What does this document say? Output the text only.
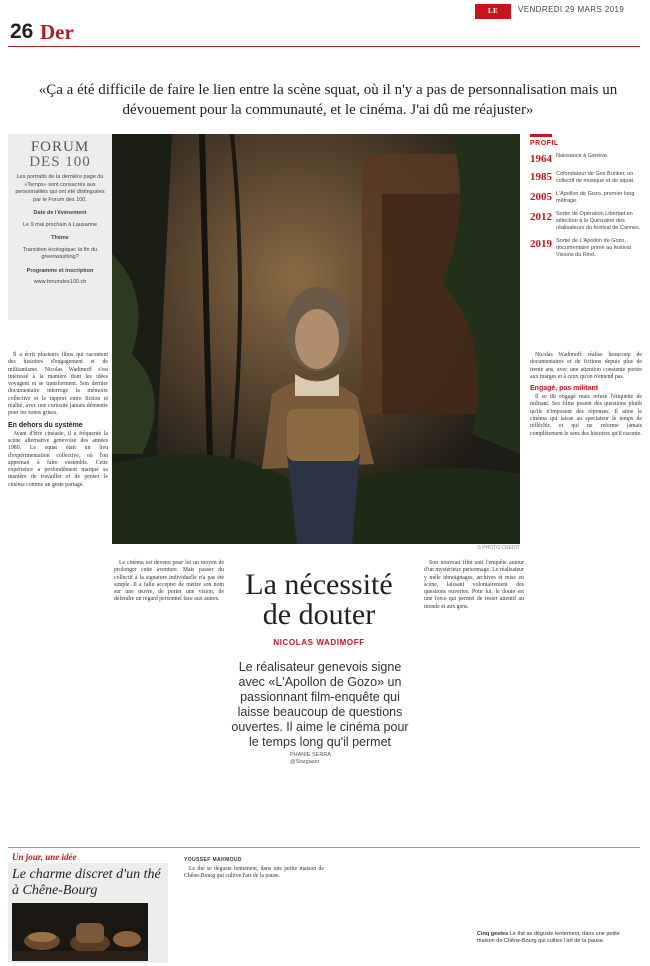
26 Der
LE TEMPS
VENDREDI 29 MARS 2019
«Ça a été difficile de faire le lien entre la scène squat, où il n'y a pas de personnalisation mais un dévouement pour la communauté, et le cinéma. J'ai dû me réajuster»
FORUM
DES 100

Les portraits de la dernière page du «Temps» sont consacrés aux personnalités qui ont été distinguées par le Forum des 100.

Date de l'événement

Le 9 mai prochain à Lausanne

Thème

Transition écologique: la fin du greenwashing?

Programme et inscription

www.forumdes100.ch

© PHOTO CREDIT
PROFIL
1964 Naissance à Genève.
1985 Cofondateur de Gos Bunker, un collectif de musique et de squat.
2005 L'Apollon de Gozo, premier long métrage.
2012 Sortie de Opération Libertad en sélection à la Quinzaine des réalisateurs du festival de Cannes.
2019 Sortie de L'Apollon de Gozo, documentaire primé au festival Visions du Réel.

Il a écrit plusieurs films qui racontent des histoires d'engagement et de militantisme. Nicolas Wadimoff s'est intéressé à la manière dont les idées voyagent et se transforment. Son dernier documentaire interroge la mémoire collective et le rapport entre fiction et réalité, avec une curiosité jamais démentie pour les zones grises.

En dehors du système

Avant d'être cinéaste, il a fréquenté la scène alternative genevoise des années 1980. Le squat était un lieu d'expérimentation collective, où l'on apprenait à faire ensemble. Cette expérience a profondément marqué sa manière de travailler et de penser le cinéma comme un geste partagé.

Le cinéma est devenu pour lui un moyen de prolonger cette aventure. Mais passer du collectif à la signature individuelle n'a pas été simple. Il a fallu accepter de mettre son nom sur une œuvre, de porter une vision, de défendre un regard personnel face aux autres. La nécessité de douter
NICOLAS WADIMOFF
Le réalisateur genevois signe avec «L'Apollon de Gozo» un passionnant film-enquête qui laisse beaucoup de questions ouvertes. Il aime le cinéma pour le temps long qu'il permet
PHANIE SERRA
@Stargazer

Son nouveau film suit l'enquête autour d'un mystérieux personnage. Le réalisateur y mêle témoignages, archives et mise en scène, laissant volontairement des questions ouvertes. Pour lui, le doute est une force qui permet de rester attentif au monde et aux gens.

Nicolas Wadimoff réalise beaucoup de documentaires et de fictions depuis plus de trente ans, avec une attention constante portée aux marges et à ceux qu'on n'entend pas.

Engagé, pas militant

Il se dit engagé mais refuse l'étiquette de militant. Ses films posent des questions plutôt qu'ils n'imposent des réponses. Il aime le cinéma qui laisse au spectateur le temps de réfléchir, et qui ne referme jamais complètement le sens des histoires qu'il raconte.

Un jour, une idée
Le charme discret d'un thé à Chêne-Bourg
YOUSSEF MAHMOUD
Cinq gestes Le thé se déguste lentement, dans une petite maison de Chêne-Bourg qui cultive l'art de la pause.

Le thé se déguste lentement, dans une petite maison de Chêne-Bourg qui cultive l'art de la pause.
